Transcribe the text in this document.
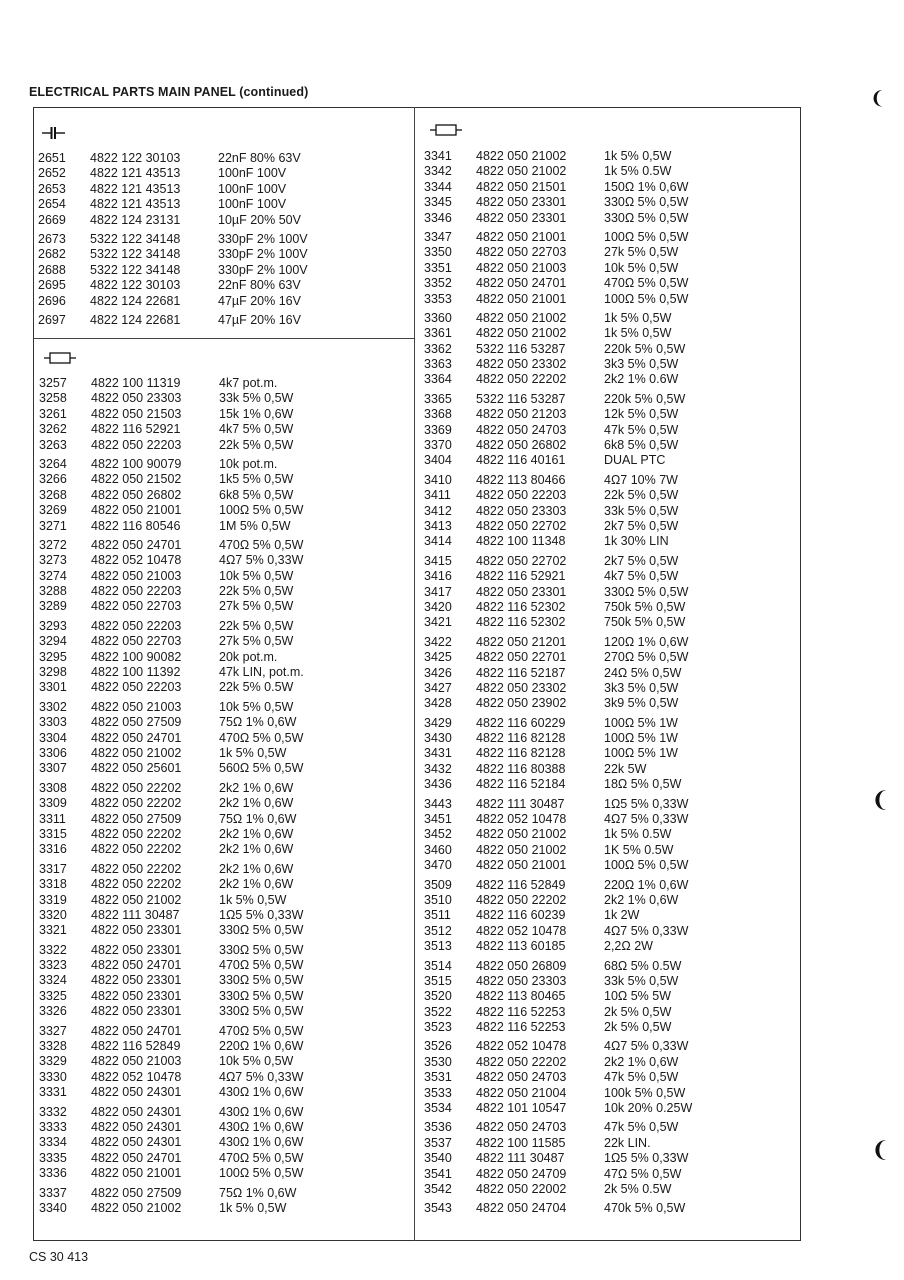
ELECTRICAL PARTS MAIN PANEL (continued)
2651	4822 122 30103	22nF 80% 63V
2652	4822 121 43513	100nF 100V
2653	4822 121 43513	100nF 100V
2654	4822 121 43513	100nF 100V
2669	4822 124 23131	10µF 20% 50V
2673	5322 122 34148	330pF 2% 100V
2682	5322 122 34148	330pF 2% 100V
2688	5322 122 34148	330pF 2% 100V
2695	4822 122 30103	22nF 80% 63V
2696	4822 124 22681	47µF 20% 16V
2697	4822 124 22681	47µF 20% 16V
3257	4822 100 11319	4k7 pot.m.
3258	4822 050 23303	33k 5% 0,5W
3261	4822 050 21503	15k 1% 0,6W
3262	4822 116 52921	4k7 5% 0,5W
3263	4822 050 22203	22k 5% 0,5W
3264	4822 100 90079	10k pot.m.
3266	4822 050 21502	1k5 5% 0,5W
3268	4822 050 26802	6k8 5% 0,5W
3269	4822 050 21001	100Ω 5% 0,5W
3271	4822 116 80546	1M 5% 0,5W
3272	4822 050 24701	470Ω 5% 0,5W
3273	4822 052 10478	4Ω7 5% 0,33W
3274	4822 050 21003	10k 5% 0,5W
3288	4822 050 22203	22k 5% 0,5W
3289	4822 050 22703	27k 5% 0,5W
3293	4822 050 22203	22k 5% 0,5W
3294	4822 050 22703	27k 5% 0,5W
3295	4822 100 90082	20k pot.m.
3298	4822 100 11392	47k LIN, pot.m.
3301	4822 050 22203	22k 5% 0.5W
3302	4822 050 21003	10k 5% 0,5W
3303	4822 050 27509	75Ω 1% 0,6W
3304	4822 050 24701	470Ω 5% 0,5W
3306	4822 050 21002	1k 5% 0,5W
3307	4822 050 25601	560Ω 5% 0,5W
3308	4822 050 22202	2k2 1% 0,6W
3309	4822 050 22202	2k2 1% 0,6W
3311	4822 050 27509	75Ω 1% 0,6W
3315	4822 050 22202	2k2 1% 0,6W
3316	4822 050 22202	2k2 1% 0,6W
3317	4822 050 22202	2k2 1% 0,6W
3318	4822 050 22202	2k2 1% 0,6W
3319	4822 050 21002	1k 5% 0,5W
3320	4822 111 30487	1Ω5 5% 0,33W
3321	4822 050 23301	330Ω 5% 0,5W
3322	4822 050 23301	330Ω 5% 0,5W
3323	4822 050 24701	470Ω 5% 0,5W
3324	4822 050 23301	330Ω 5% 0,5W
3325	4822 050 23301	330Ω 5% 0,5W
3326	4822 050 23301	330Ω 5% 0,5W
3327	4822 050 24701	470Ω 5% 0,5W
3328	4822 116 52849	220Ω 1% 0,6W
3329	4822 050 21003	10k 5% 0,5W
3330	4822 052 10478	4Ω7 5% 0,33W
3331	4822 050 24301	430Ω 1% 0,6W
3332	4822 050 24301	430Ω 1% 0,6W
3333	4822 050 24301	430Ω 1% 0,6W
3334	4822 050 24301	430Ω 1% 0,6W
3335	4822 050 24701	470Ω 5% 0,5W
3336	4822 050 21001	100Ω 5% 0,5W
3337	4822 050 27509	75Ω 1% 0,6W
3340	4822 050 21002	1k 5% 0,5W
3341	4822 050 21002	1k 5% 0,5W
3342	4822 050 21002	1k 5% 0.5W
3344	4822 050 21501	150Ω 1% 0,6W
3345	4822 050 23301	330Ω 5% 0,5W
3346	4822 050 23301	330Ω 5% 0,5W
3347	4822 050 21001	100Ω 5% 0,5W
3350	4822 050 22703	27k 5% 0,5W
3351	4822 050 21003	10k 5% 0,5W
3352	4822 050 24701	470Ω 5% 0,5W
3353	4822 050 21001	100Ω 5% 0,5W
3360	4822 050 21002	1k 5% 0,5W
3361	4822 050 21002	1k 5% 0,5W
3362	5322 116 53287	220k 5% 0,5W
3363	4822 050 23302	3k3 5% 0,5W
3364	4822 050 22202	2k2 1% 0.6W
3365	5322 116 53287	220k 5% 0,5W
3368	4822 050 21203	12k 5% 0,5W
3369	4822 050 24703	47k 5% 0,5W
3370	4822 050 26802	6k8 5% 0,5W
3404	4822 116 40161	DUAL PTC
3410	4822 113 80466	4Ω7 10% 7W
3411	4822 050 22203	22k 5% 0,5W
3412	4822 050 23303	33k 5% 0,5W
3413	4822 050 22702	2k7 5% 0,5W
3414	4822 100 11348	1k 30% LIN
3415	4822 050 22702	2k7 5% 0,5W
3416	4822 116 52921	4k7 5% 0,5W
3417	4822 050 23301	330Ω 5% 0,5W
3420	4822 116 52302	750k 5% 0,5W
3421	4822 116 52302	750k 5% 0,5W
3422	4822 050 21201	120Ω 1% 0,6W
3425	4822 050 22701	270Ω 5% 0,5W
3426	4822 116 52187	24Ω 5% 0,5W
3427	4822 050 23302	3k3 5% 0,5W
3428	4822 050 23902	3k9 5% 0,5W
3429	4822 116 60229	100Ω 5% 1W
3430	4822 116 82128	100Ω 5% 1W
3431	4822 116 82128	100Ω 5% 1W
3432	4822 116 80388	22k 5W
3436	4822 116 52184	18Ω 5% 0,5W
3443	4822 111 30487	1Ω5 5% 0,33W
3451	4822 052 10478	4Ω7 5% 0,33W
3452	4822 050 21002	1k 5% 0.5W
3460	4822 050 21002	1K 5% 0.5W
3470	4822 050 21001	100Ω 5% 0,5W
3509	4822 116 52849	220Ω 1% 0,6W
3510	4822 050 22202	2k2 1% 0,6W
3511	4822 116 60239	1k 2W
3512	4822 052 10478	4Ω7 5% 0,33W
3513	4822 113 60185	2,2Ω 2W
3514	4822 050 26809	68Ω 5% 0.5W
3515	4822 050 23303	33k 5% 0,5W
3520	4822 113 80465	10Ω 5% 5W
3522	4822 116 52253	2k 5% 0,5W
3523	4822 116 52253	2k 5% 0,5W
3526	4822 052 10478	4Ω7 5% 0,33W
3530	4822 050 22202	2k2 1% 0,6W
3531	4822 050 24703	47k 5% 0,5W
3533	4822 050 21004	100k 5% 0,5W
3534	4822 101 10547	10k 20% 0.25W
3536	4822 050 24703	47k 5% 0,5W
3537	4822 100 11585	22k LIN.
3540	4822 111 30487	1Ω5 5% 0,33W
3541	4822 050 24709	47Ω 5% 0,5W
3542	4822 050 22002	2k 5% 0.5W
3543	4822 050 24704	470k 5% 0,5W
CS 30 413
❨
❨
❨
